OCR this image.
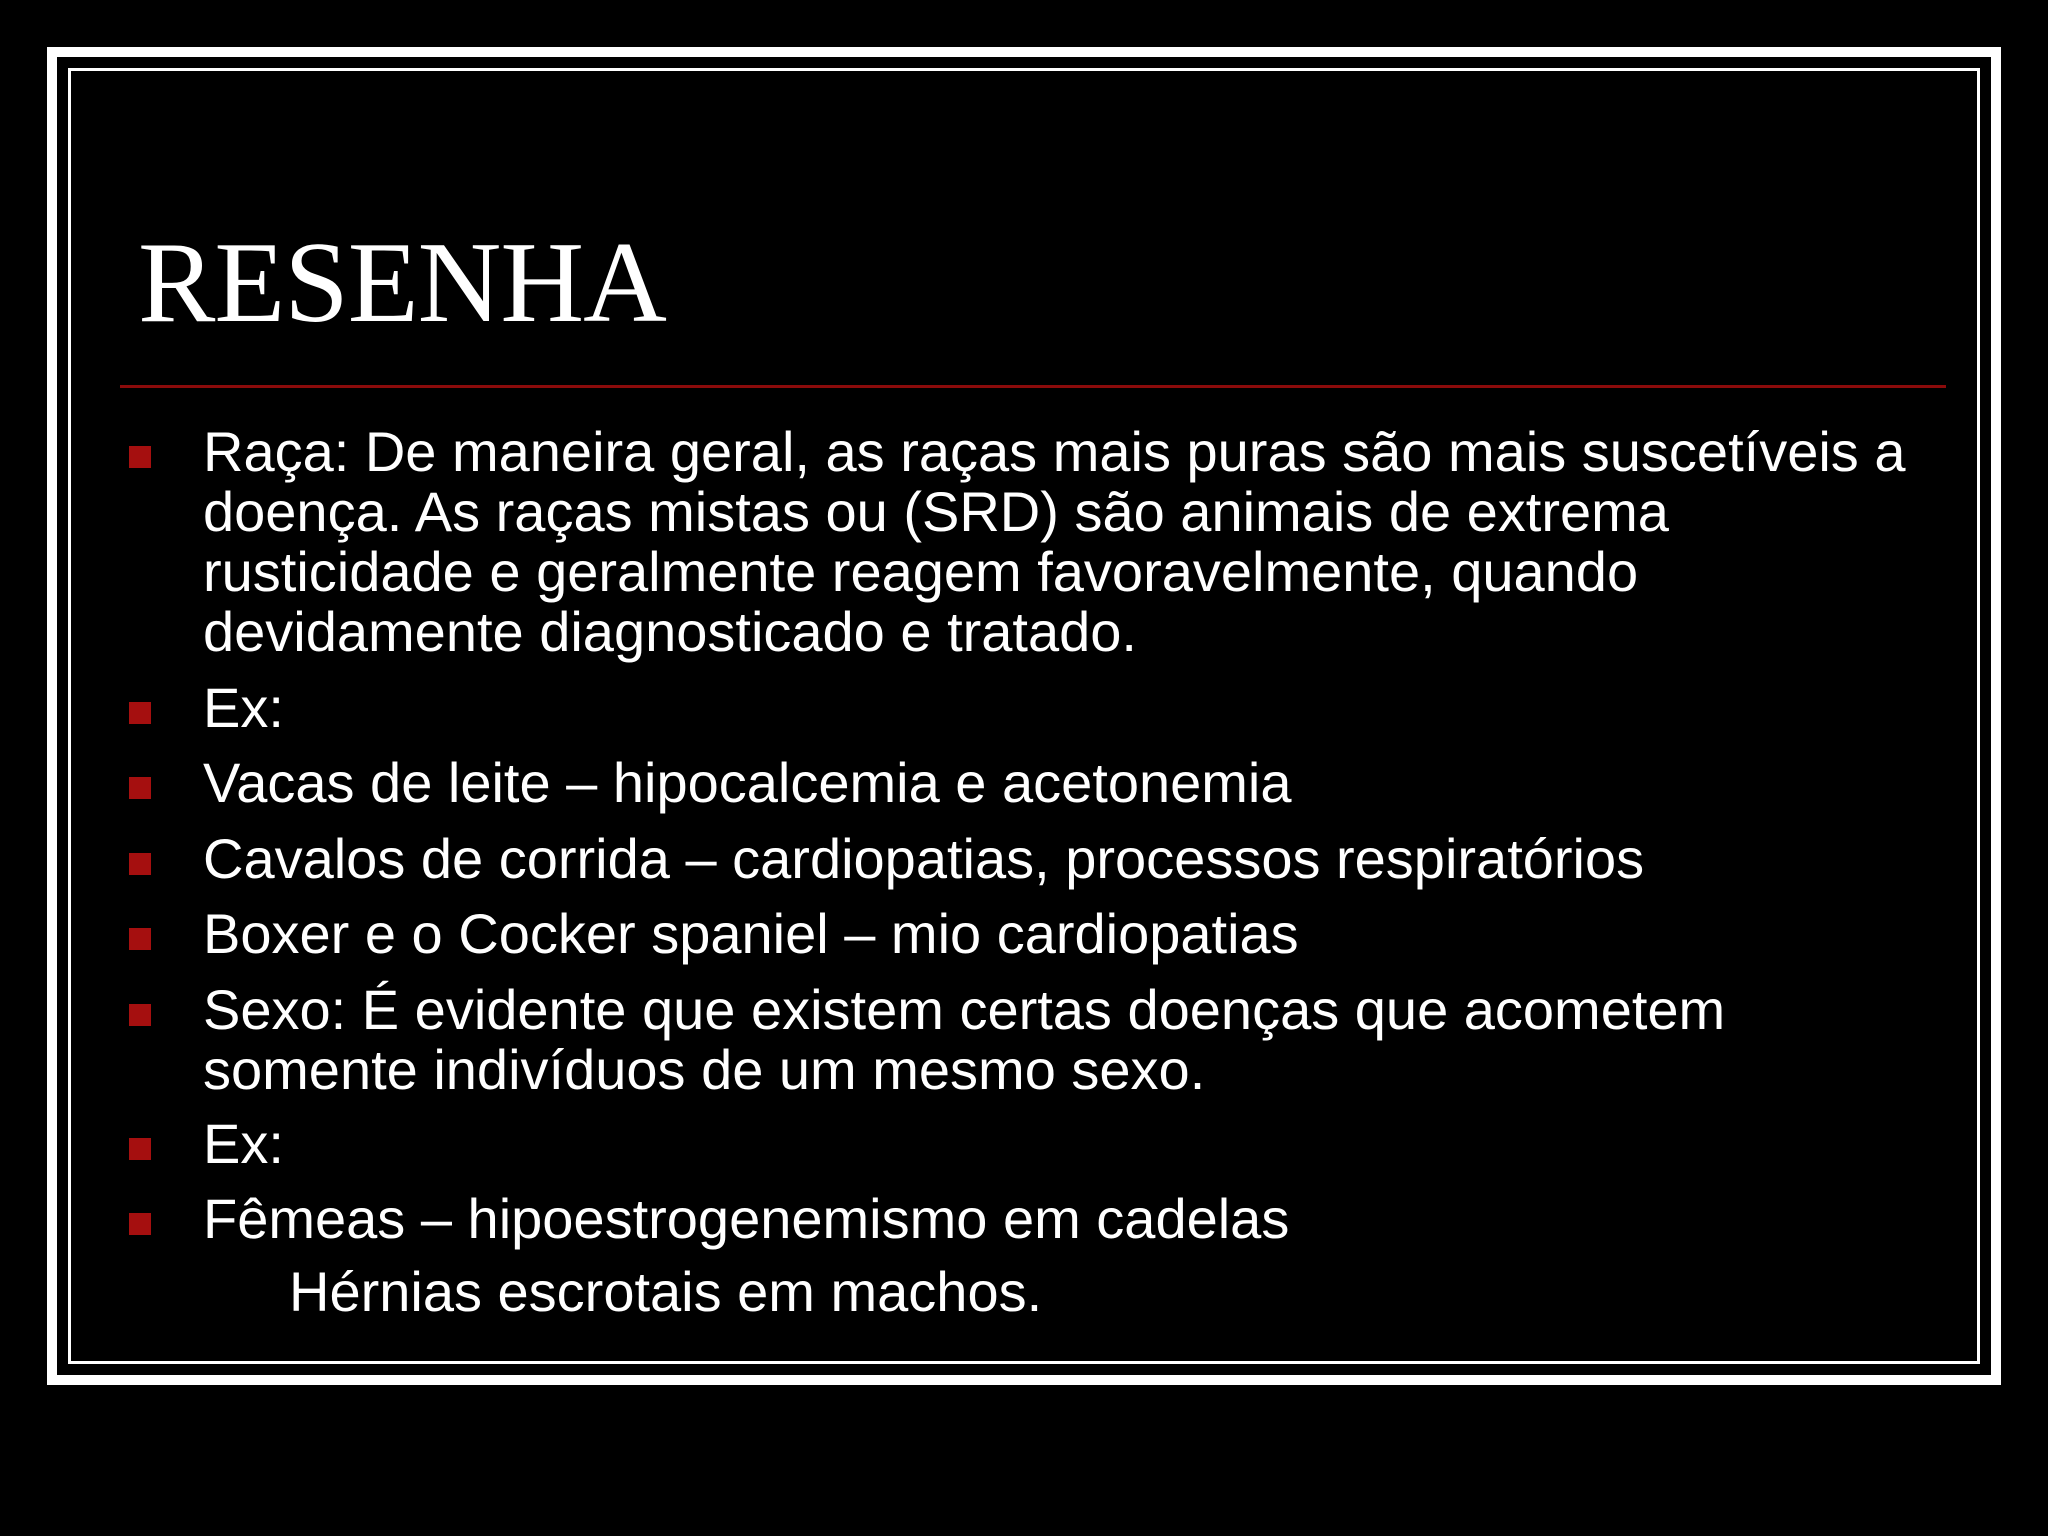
RESENHA
Raça: De maneira geral, as raças mais puras são mais suscetíveis a doença. As raças mistas ou (SRD) são animais de extrema rusticidade e geralmente reagem favoravelmente, quando devidamente diagnosticado e tratado.
Ex:
Vacas de leite – hipocalcemia e acetonemia
Cavalos de corrida – cardiopatias, processos respiratórios
Boxer e o Cocker spaniel – mio cardiopatias
Sexo: É evidente que existem certas doenças que acometem somente indivíduos de um mesmo sexo.
Ex:
Fêmeas – hipoestrogenemismo em cadelas
Hérnias escrotais em machos.
